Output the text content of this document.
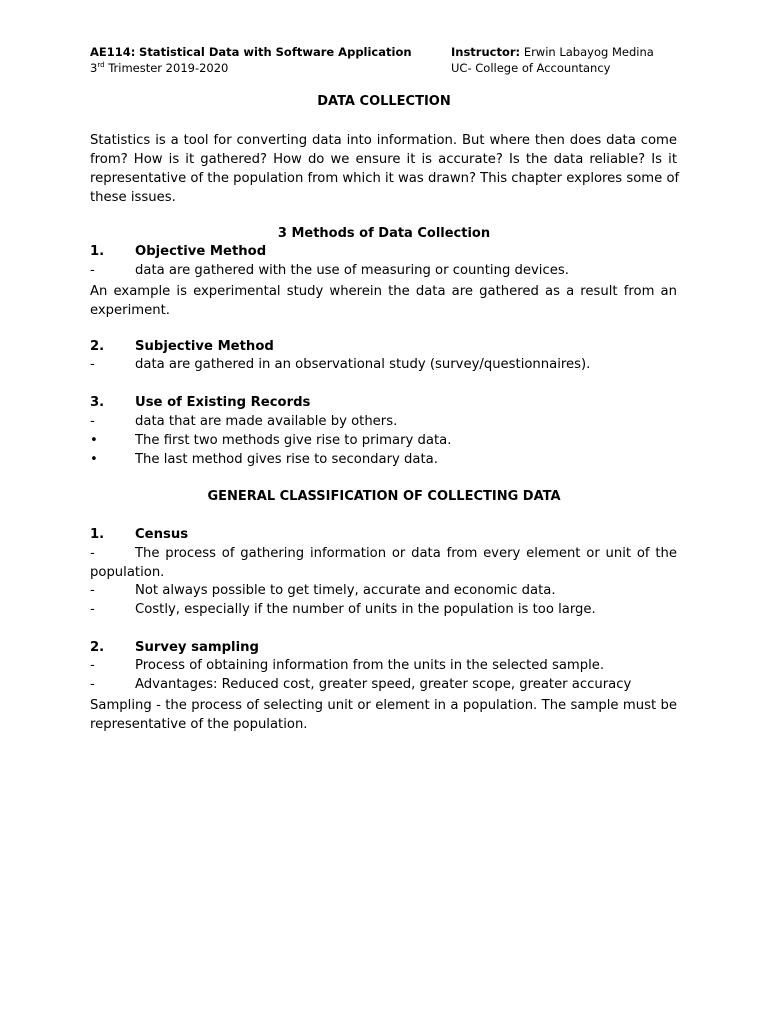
AE114: Statistical Data with Software Application
3rd Trimester 2019-2020
Instructor: Erwin Labayog Medina
UC- College of Accountancy
DATA COLLECTION
Statistics is a tool for converting data into information. But where then does data come
from? How is it gathered? How do we ensure it is accurate? Is the data reliable? Is it
representative of the population from which it was drawn? This chapter explores some of
these issues.
3 Methods of Data Collection
1. Objective Method
-	data are gathered with the use of measuring or counting devices.
An example is experimental study wherein the data are gathered as a result from an
experiment.
2. Subjective Method
-	data are gathered in an observational study (survey/questionnaires).
3. Use of Existing Records
-	data that are made available by others.
•	The first two methods give rise to primary data.
•	The last method gives rise to secondary data.
GENERAL CLASSIFICATION OF COLLECTING DATA
1. Census
-	The process of gathering information or data from every element or unit of the
population.
-	Not always possible to get timely, accurate and economic data.
-	Costly, especially if the number of units in the population is too large.
2. Survey sampling
-	Process of obtaining information from the units in the selected sample.
-	Advantages: Reduced cost, greater speed, greater scope, greater accuracy
Sampling - the process of selecting unit or element in a population. The sample must be
representative of the population.
